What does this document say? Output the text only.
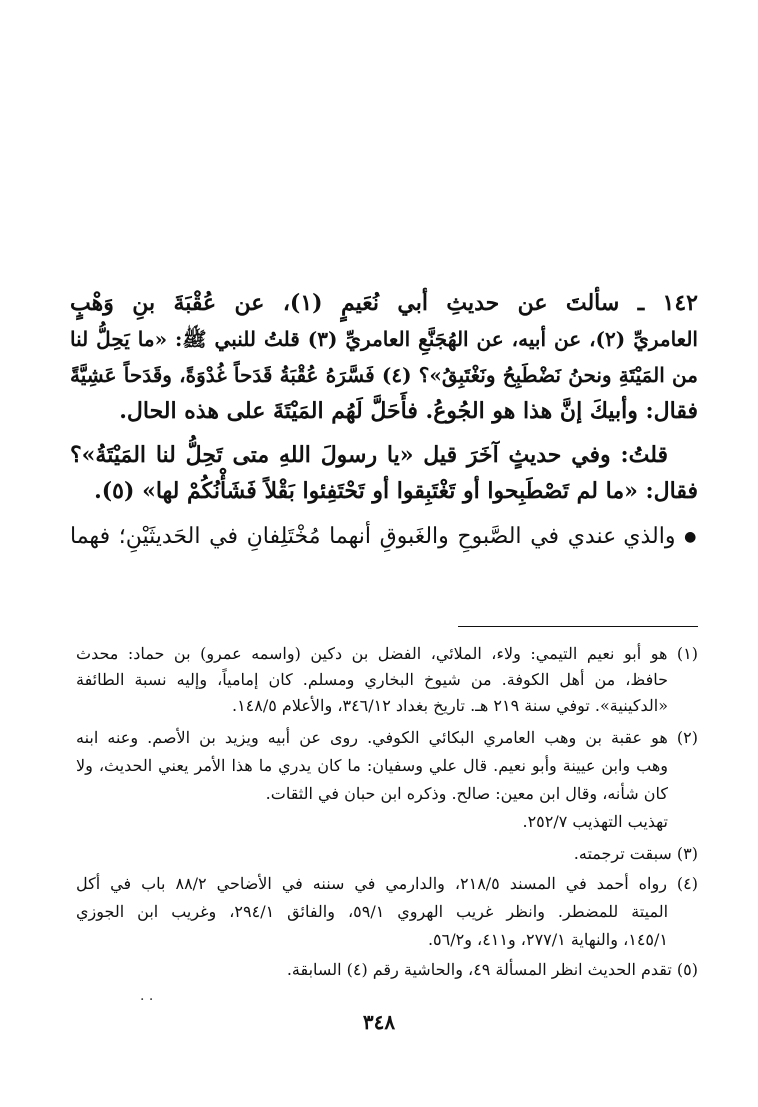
١٤٢ ـ سألتَ عن حديثِ أبي نُعَيمٍ (١)، عن عُقْبَةَ بنِ وَهْبٍ
العامريِّ (٢)، عن أبيه، عن الهُجَنَّعِ العامريِّ (٣) قلتُ للنبي ﷺ: «ما يَحِلُّ لنا
من المَيْتَةِ ونحنُ نَضْطَبِحُ ونَغْتَبِقُ»؟ (٤) فَسَّرَهُ عُقْبَةُ قَدَحاً غُدْوَةً، وقَدَحاً عَشِيَّةً
فقال: وأبيكَ إنَّ هذا هو الجُوعُ. فأَحَلَّ لَهُم المَيْتَةَ على هذه الحال.
قلتُ: وفي حديثٍ آخَرَ قيل «يا رسولَ اللهِ متى تَحِلُّ لنا المَيْتَةُ»؟
فقال: «ما لم تَصْطَبِحوا أو تَغْتَبِقوا أو تَحْتَفِئوا بَقْلاً فَشَأْنُكُمْ لها» (٥).
● والذي عندي في الصَّبوحِ والغَبوقِ أنهما مُخْتَلِفانِ في الحَديثَيْنِ؛ فهما
(١) هو أبو نعيم التيمي: ولاء، الملائي، الفضل بن دكين (واسمه عمرو) بن حماد: محدث
حافظ، من أهل الكوفة. من شيوخ البخاري ومسلم. كان إمامياً، وإليه نسبة الطائفة
«الدكينية». توفي سنة ٢١٩ هـ. تاريخ بغداد ٣٤٦/١٢، والأعلام ١٤٨/٥.
(٢) هو عقبة بن وهب العامري البكائي الكوفي. روى عن أبيه ويزيد بن الأصم. وعنه ابنه
وهب وابن عيينة وأبو نعيم. قال علي وسفيان: ما كان يدري ما هذا الأمر يعني الحديث، ولا
كان شأنه، وقال ابن معين: صالح. وذكره ابن حبان في الثقات.
تهذيب التهذيب ٢٥٢/٧.
(٣) سبقت ترجمته.
(٤) رواه أحمد في المسند ٢١٨/٥، والدارمي في سننه في الأضاحي ٨٨/٢ باب في أكل
الميتة للمضطر. وانظر غريب الهروي ٥٩/١، والفائق ٢٩٤/١، وغريب ابن الجوزي
١٤٥/١، والنهاية ٢٧٧/١، و٤١١، و٥٦/٢.
(٥) تقدم الحديث انظر المسألة ٤٩، والحاشية رقم (٤) السابقة.
· ·
٣٤٨
